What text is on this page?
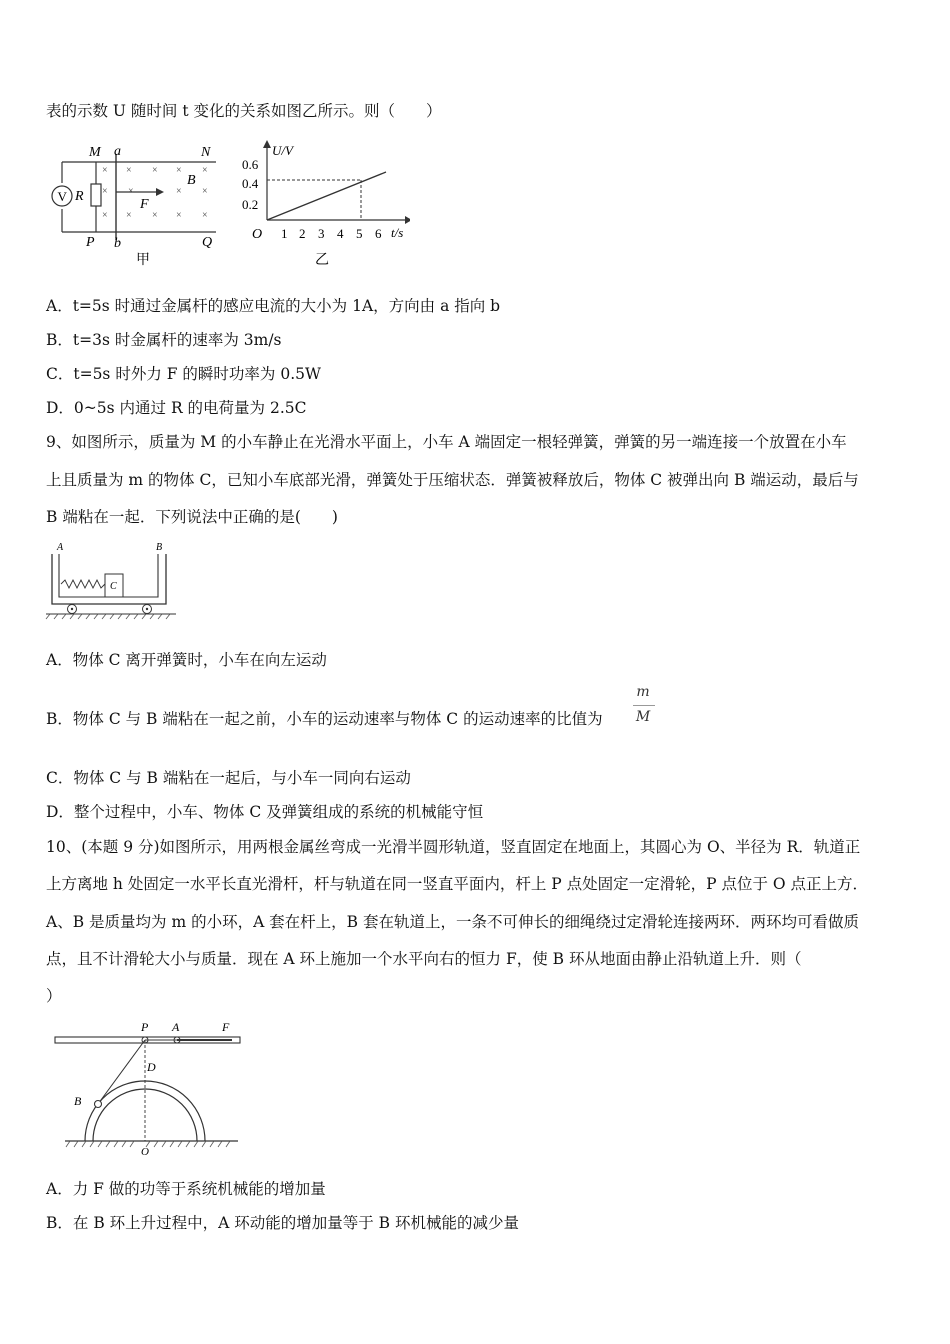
表的示数 U 随时间 t 变化的关系如图乙所示。则（　　）
V R
M a	N
B
P b	Q
F
×
×
×
×
×
×
×
×
×
×
×
×
×
×
甲
U/V
t/s
O
0.6
0.4
0.2
1 2 3 4 5 6
乙
A．t=5s 时通过金属杆的感应电流的大小为 1A，方向由 a 指向 b
B．t=3s 时金属杆的速率为 3m/s
C．t=5s 时外力 F 的瞬时功率为 0.5W
D．0~5s 内通过 R 的电荷量为 2.5C
9、如图所示，质量为 M 的小车静止在光滑水平面上，小车 A 端固定一根轻弹簧，弹簧的另一端连接一个放置在小车
上且质量为 m 的物体 C，已知小车底部光滑，弹簧处于压缩状态．弹簧被释放后，物体 C 被弹出向 B 端运动，最后与
B 端粘在一起．下列说法中正确的是(　　)
A	B
C
A．物体 C 离开弹簧时，小车在向左运动
B．物体 C 与 B 端粘在一起之前，小车的运动速率与物体 C 的运动速率的比值为
m
M
C．物体 C 与 B 端粘在一起后，与小车一同向右运动
D．整个过程中，小车、物体 C 及弹簧组成的系统的机械能守恒
10、(本题 9 分)如图所示，用两根金属丝弯成一光滑半圆形轨道，竖直固定在地面上，其圆心为 O、半径为 R．轨道正
上方离地 h 处固定一水平长直光滑杆，杆与轨道在同一竖直平面内，杆上 P 点处固定一定滑轮，P 点位于 O 点正上方．
A、B 是质量均为 m 的小环，A 套在杆上，B 套在轨道上，一条不可伸长的细绳绕过定滑轮连接两环．两环均可看做质
点，且不计滑轮大小与质量．现在 A 环上施加一个水平向右的恒力 F，使 B 环从地面由静止沿轨道上升．则（
）
P A	F
D
B
O
A．力 F 做的功等于系统机械能的增加量
B．在 B 环上升过程中，A 环动能的增加量等于 B 环机械能的减少量
